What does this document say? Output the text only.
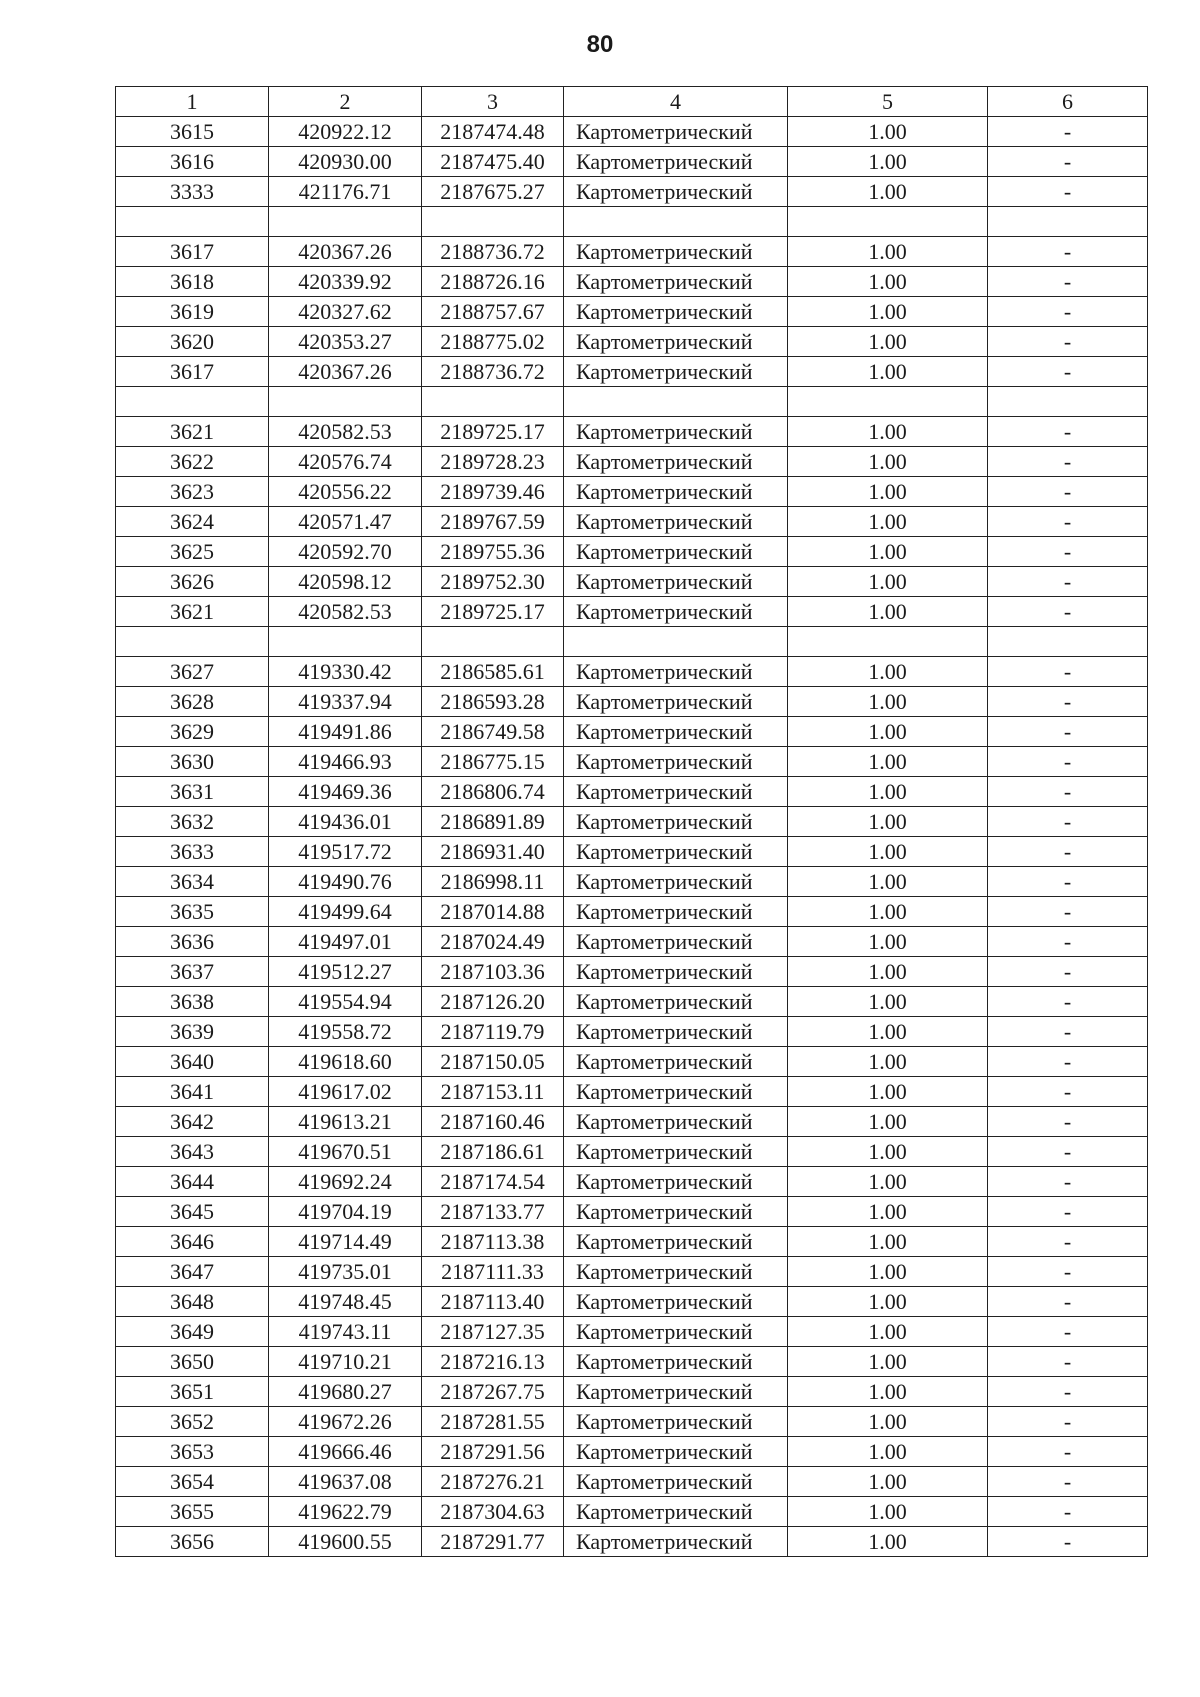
80
1	2	3	4	5	6
3615	420922.12	2187474.48	Картометрический	1.00	-
3616	420930.00	2187475.40	Картометрический	1.00	-
3333	421176.71	2187675.27	Картометрический	1.00	-

3617	420367.26	2188736.72	Картометрический	1.00	-
3618	420339.92	2188726.16	Картометрический	1.00	-
3619	420327.62	2188757.67	Картометрический	1.00	-
3620	420353.27	2188775.02	Картометрический	1.00	-
3617	420367.26	2188736.72	Картометрический	1.00	-

3621	420582.53	2189725.17	Картометрический	1.00	-
3622	420576.74	2189728.23	Картометрический	1.00	-
3623	420556.22	2189739.46	Картометрический	1.00	-
3624	420571.47	2189767.59	Картометрический	1.00	-
3625	420592.70	2189755.36	Картометрический	1.00	-
3626	420598.12	2189752.30	Картометрический	1.00	-
3621	420582.53	2189725.17	Картометрический	1.00	-

3627	419330.42	2186585.61	Картометрический	1.00	-
3628	419337.94	2186593.28	Картометрический	1.00	-
3629	419491.86	2186749.58	Картометрический	1.00	-
3630	419466.93	2186775.15	Картометрический	1.00	-
3631	419469.36	2186806.74	Картометрический	1.00	-
3632	419436.01	2186891.89	Картометрический	1.00	-
3633	419517.72	2186931.40	Картометрический	1.00	-
3634	419490.76	2186998.11	Картометрический	1.00	-
3635	419499.64	2187014.88	Картометрический	1.00	-
3636	419497.01	2187024.49	Картометрический	1.00	-
3637	419512.27	2187103.36	Картометрический	1.00	-
3638	419554.94	2187126.20	Картометрический	1.00	-
3639	419558.72	2187119.79	Картометрический	1.00	-
3640	419618.60	2187150.05	Картометрический	1.00	-
3641	419617.02	2187153.11	Картометрический	1.00	-
3642	419613.21	2187160.46	Картометрический	1.00	-
3643	419670.51	2187186.61	Картометрический	1.00	-
3644	419692.24	2187174.54	Картометрический	1.00	-
3645	419704.19	2187133.77	Картометрический	1.00	-
3646	419714.49	2187113.38	Картометрический	1.00	-
3647	419735.01	2187111.33	Картометрический	1.00	-
3648	419748.45	2187113.40	Картометрический	1.00	-
3649	419743.11	2187127.35	Картометрический	1.00	-
3650	419710.21	2187216.13	Картометрический	1.00	-
3651	419680.27	2187267.75	Картометрический	1.00	-
3652	419672.26	2187281.55	Картометрический	1.00	-
3653	419666.46	2187291.56	Картометрический	1.00	-
3654	419637.08	2187276.21	Картометрический	1.00	-
3655	419622.79	2187304.63	Картометрический	1.00	-
3656	419600.55	2187291.77	Картометрический	1.00	-
